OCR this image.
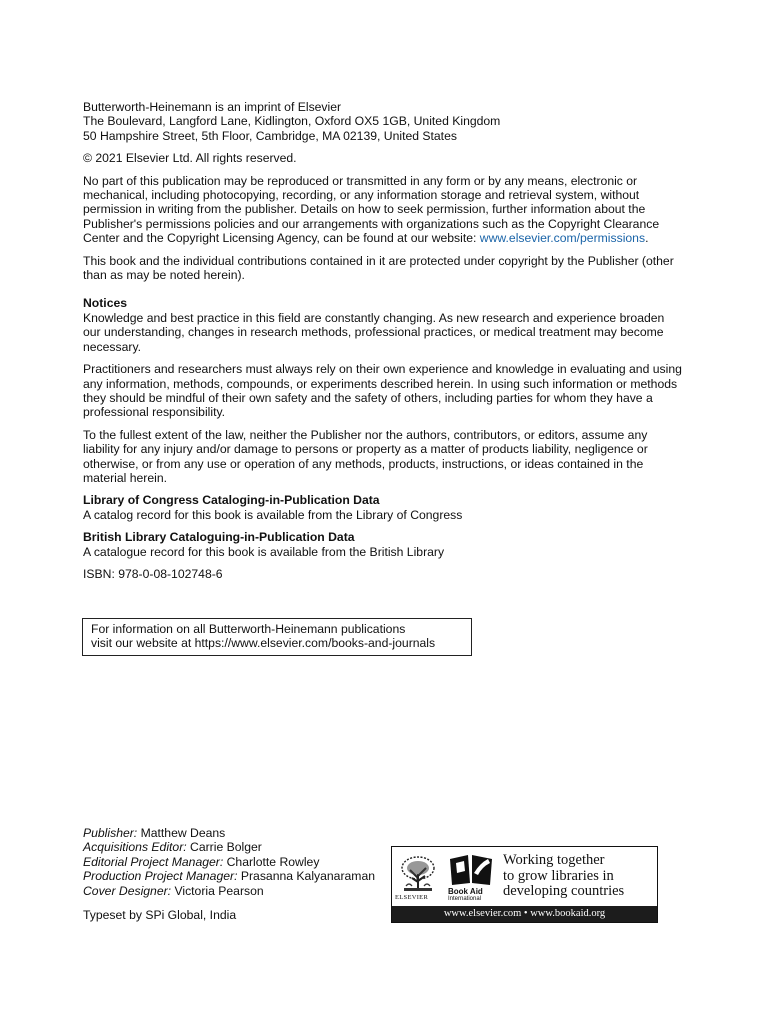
Butterworth-Heinemann is an imprint of Elsevier

The Boulevard, Langford Lane, Kidlington, Oxford OX5 1GB, United Kingdom

50 Hampshire Street, 5th Floor, Cambridge, MA 02139, United States

© 2021 Elsevier Ltd. All rights reserved.

No part of this publication may be reproduced or transmitted in any form or by any means, electronic or mechanical, including photocopying, recording, or any information storage and retrieval system, without permission in writing from the publisher. Details on how to seek permission, further information about the Publisher's permissions policies and our arrangements with organizations such as the Copyright Clearance Center and the Copyright Licensing Agency, can be found at our website: www.elsevier.com/permissions.

This book and the individual contributions contained in it are protected under copyright by the Publisher (other than as may be noted herein).

Notices

Knowledge and best practice in this field are constantly changing. As new research and experience broaden our understanding, changes in research methods, professional practices, or medical treatment may become necessary.

Practitioners and researchers must always rely on their own experience and knowledge in evaluating and using any information, methods, compounds, or experiments described herein. In using such information or methods they should be mindful of their own safety and the safety of others, including parties for whom they have a professional responsibility.

To the fullest extent of the law, neither the Publisher nor the authors, contributors, or editors, assume any liability for any injury and/or damage to persons or property as a matter of products liability, negligence or otherwise, or from any use or operation of any methods, products, instructions, or ideas contained in the material herein.

Library of Congress Cataloging-in-Publication Data

A catalog record for this book is available from the Library of Congress

British Library Cataloguing-in-Publication Data

A catalogue record for this book is available from the British Library

ISBN: 978-0-08-102748-6

For information on all Butterworth-Heinemann publications

visit our website at https://www.elsevier.com/books-and-journals

Publisher: Matthew Deans

Acquisitions Editor: Carrie Bolger

Editorial Project Manager: Charlotte Rowley

Production Project Manager: Prasanna Kalyanaraman

Cover Designer: Victoria Pearson

Typeset by SPi Global, India

ELSEVIER
Book Aid
International

Working together

to grow libraries in

developing countries

www.elsevier.com • www.bookaid.org
